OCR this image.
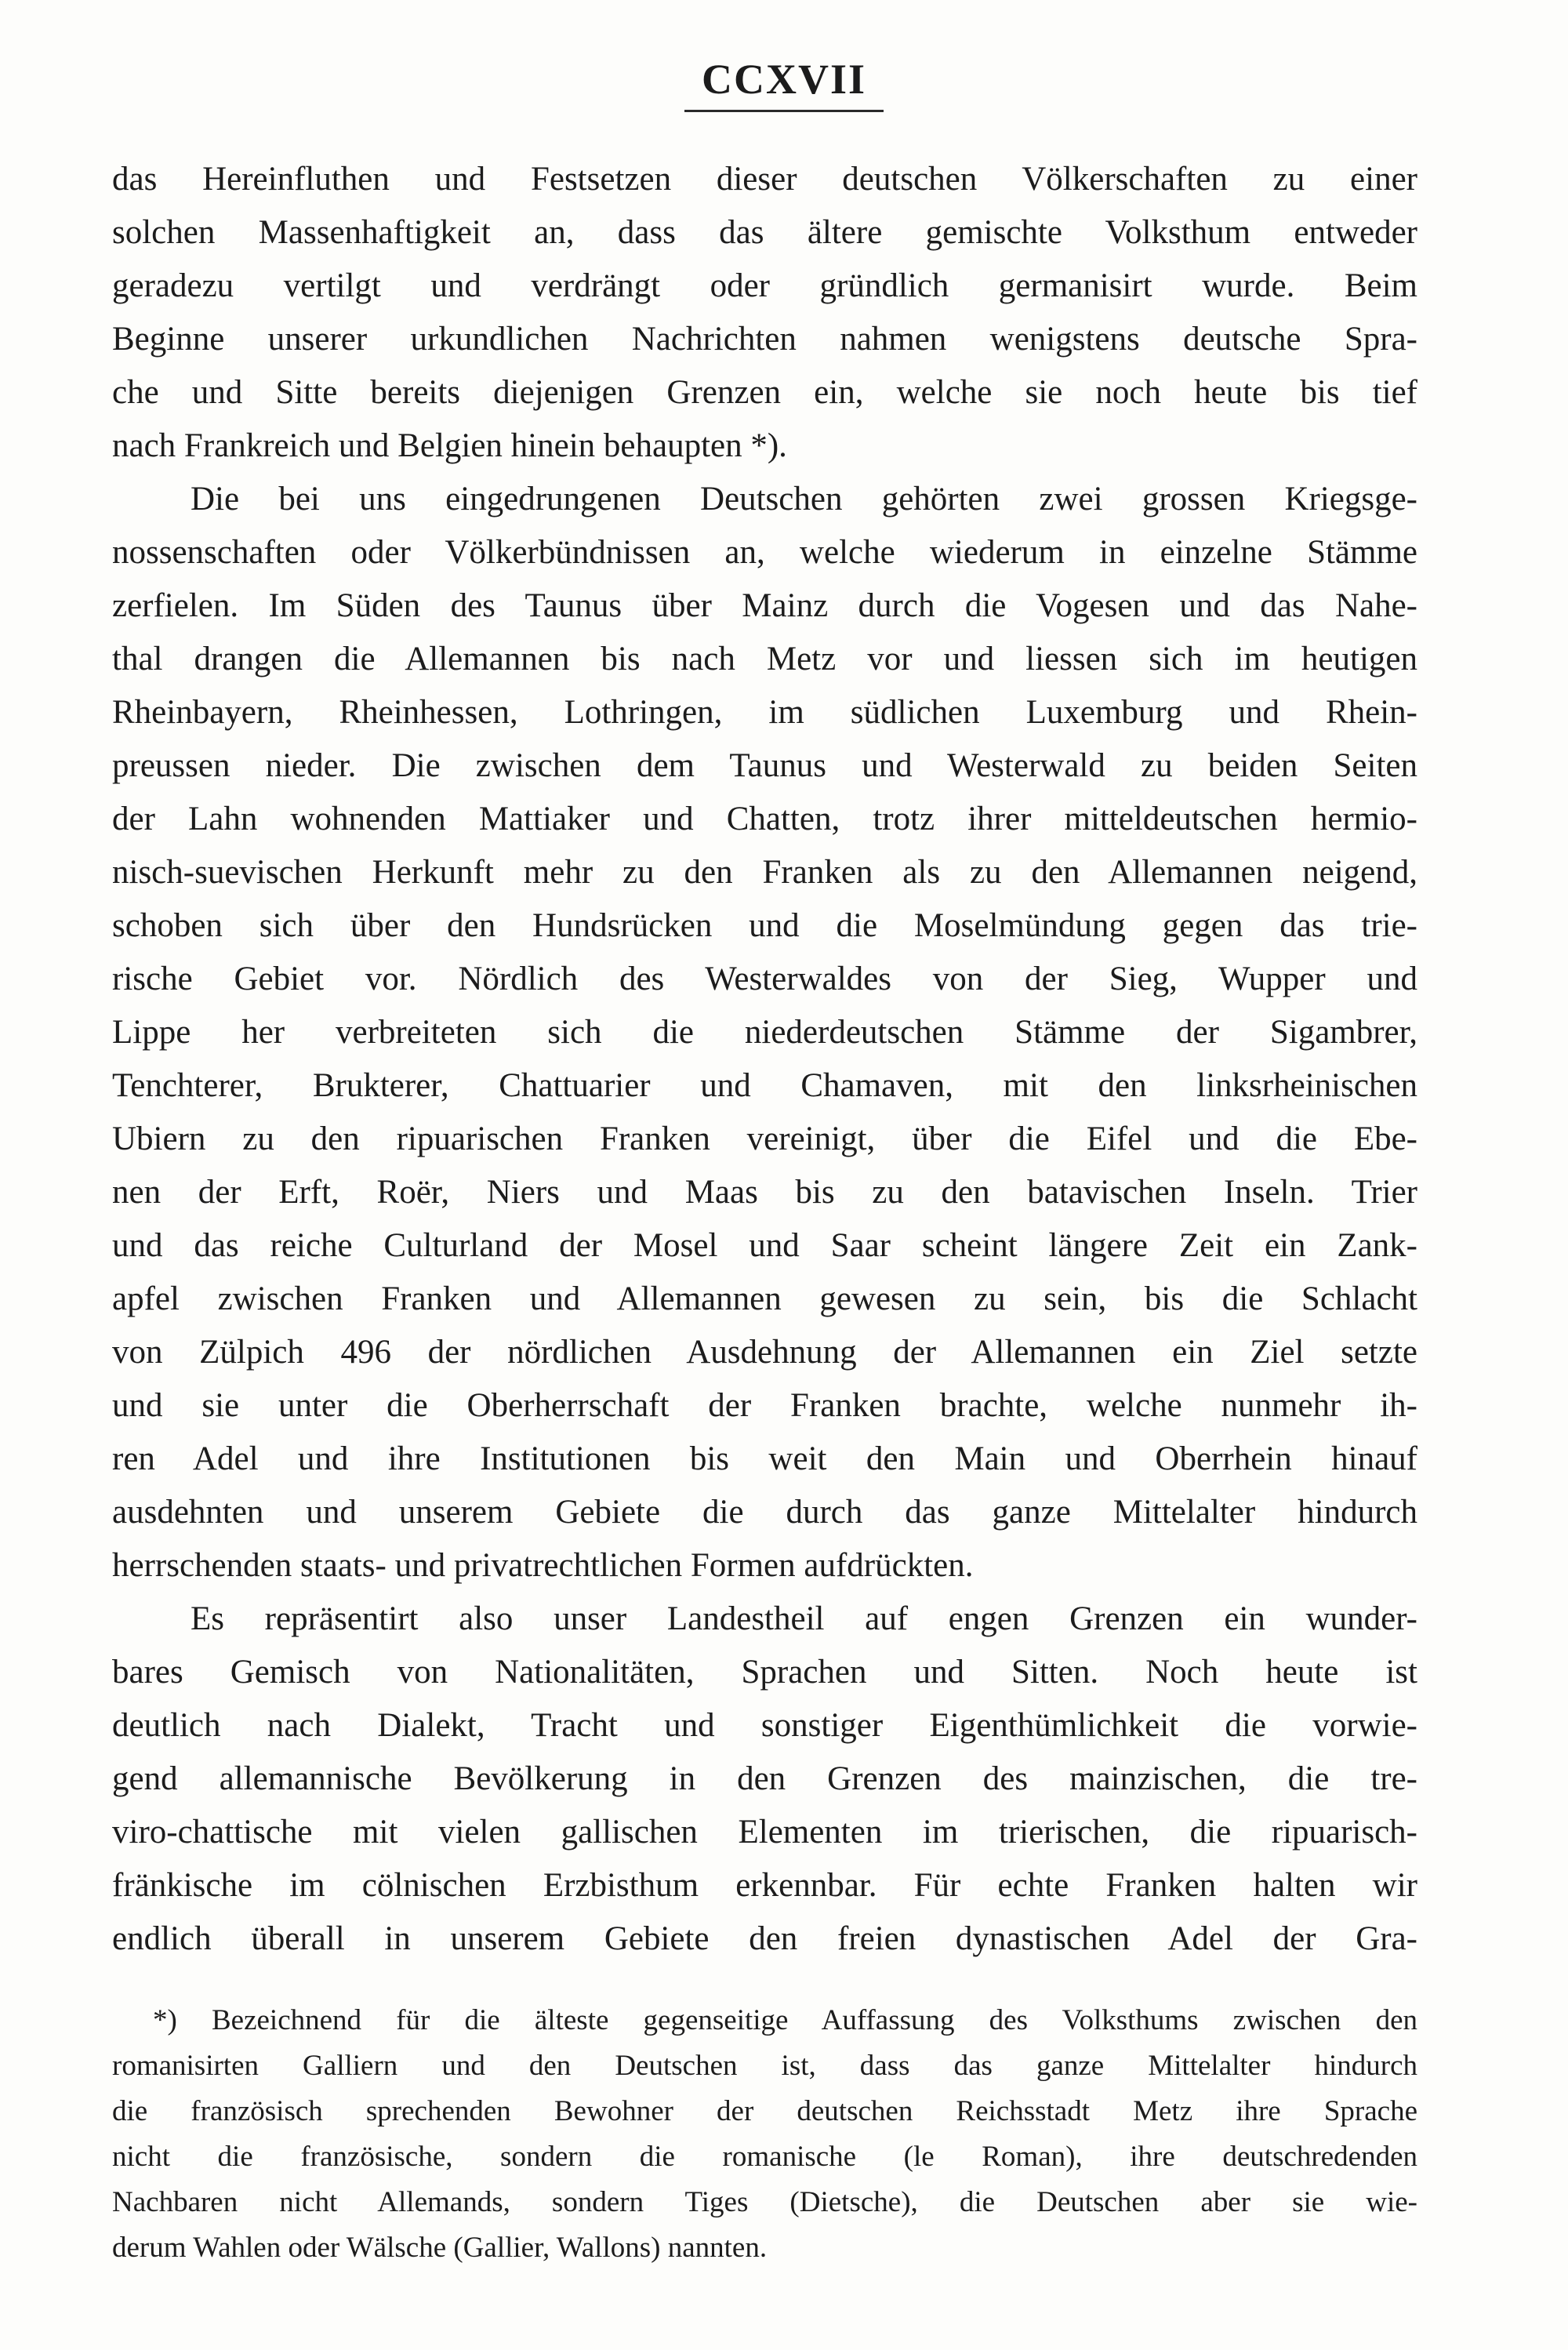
CCXVII
das Hereinfluthen und Festsetzen dieser deutschen Völkerschaften zu einer
solchen Massenhaftigkeit an, dass das ältere gemischte Volksthum entweder
geradezu vertilgt und verdrängt oder gründlich germanisirt wurde. Beim
Beginne unserer urkundlichen Nachrichten nahmen wenigstens deutsche Spra-
che und Sitte bereits diejenigen Grenzen ein, welche sie noch heute bis tief
nach Frankreich und Belgien hinein behaupten *).
Die bei uns eingedrungenen Deutschen gehörten zwei grossen Kriegsge-
nossenschaften oder Völkerbündnissen an, welche wiederum in einzelne Stämme
zerfielen. Im Süden des Taunus über Mainz durch die Vogesen und das Nahe-
thal drangen die Allemannen bis nach Metz vor und liessen sich im heutigen
Rheinbayern, Rheinhessen, Lothringen, im südlichen Luxemburg und Rhein-
preussen nieder. Die zwischen dem Taunus und Westerwald zu beiden Seiten
der Lahn wohnenden Mattiaker und Chatten, trotz ihrer mitteldeutschen hermio-
nisch-suevischen Herkunft mehr zu den Franken als zu den Allemannen neigend,
schoben sich über den Hundsrücken und die Moselmündung gegen das trie-
rische Gebiet vor. Nördlich des Westerwaldes von der Sieg, Wupper und
Lippe her verbreiteten sich die niederdeutschen Stämme der Sigambrer,
Tenchterer, Brukterer, Chattuarier und Chamaven, mit den linksrheinischen
Ubiern zu den ripuarischen Franken vereinigt, über die Eifel und die Ebe-
nen der Erft, Roër, Niers und Maas bis zu den batavischen Inseln. Trier
und das reiche Culturland der Mosel und Saar scheint längere Zeit ein Zank-
apfel zwischen Franken und Allemannen gewesen zu sein, bis die Schlacht
von Zülpich 496 der nördlichen Ausdehnung der Allemannen ein Ziel setzte
und sie unter die Oberherrschaft der Franken brachte, welche nunmehr ih-
ren Adel und ihre Institutionen bis weit den Main und Oberrhein hinauf
ausdehnten und unserem Gebiete die durch das ganze Mittelalter hindurch
herrschenden staats- und privatrechtlichen Formen aufdrückten.
Es repräsentirt also unser Landestheil auf engen Grenzen ein wunder-
bares Gemisch von Nationalitäten, Sprachen und Sitten. Noch heute ist
deutlich nach Dialekt, Tracht und sonstiger Eigenthümlichkeit die vorwie-
gend allemannische Bevölkerung in den Grenzen des mainzischen, die tre-
viro-chattische mit vielen gallischen Elementen im trierischen, die ripuarisch-
fränkische im cölnischen Erzbisthum erkennbar. Für echte Franken halten wir
endlich überall in unserem Gebiete den freien dynastischen Adel der Gra-
*) Bezeichnend für die älteste gegenseitige Auffassung des Volksthums zwischen den
romanisirten Galliern und den Deutschen ist, dass das ganze Mittelalter hindurch
die französisch sprechenden Bewohner der deutschen Reichsstadt Metz ihre Sprache
nicht die französische, sondern die romanische (le Roman), ihre deutschredenden
Nachbaren nicht Allemands, sondern Tiges (Dietsche), die Deutschen aber sie wie-
derum Wahlen oder Wälsche (Gallier, Wallons) nannten.
